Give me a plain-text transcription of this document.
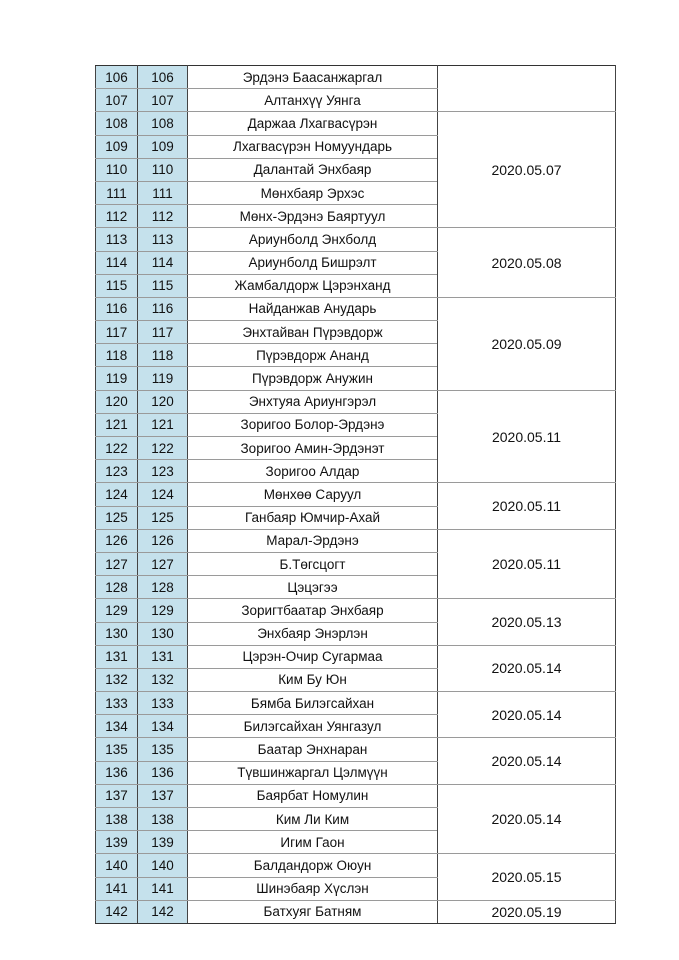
106	106	Эрдэнэ Баасанжаргал	
107	107	Алтанхүү Уянга	
108	108	Даржаа Лхагвасүрэн	2020.05.07
109	109	Лхагвасүрэн Номуундарь	
110	110	Далантай Энхбаяр	
111	111	Мөнхбаяр Эрхэс	
112	112	Мөнх-Эрдэнэ Баяртуул	
113	113	Ариунболд Энхболд	2020.05.08
114	114	Ариунболд Бишрэлт	
115	115	Жамбалдорж Цэрэнханд	
116	116	Найданжав Анударь	2020.05.09
117	117	Энхтайван Пүрэвдорж	
118	118	Пүрэвдорж Ананд	
119	119	Пүрэвдорж Анужин	
120	120	Энхтуяа Ариунгэрэл	2020.05.11
121	121	Зоригоо Болор-Эрдэнэ	
122	122	Зоригоо Амин-Эрдэнэт	
123	123	Зоригоо Алдар	
124	124	Мөнхөө Саруул	2020.05.11
125	125	Ганбаяр Юмчир-Ахай	
126	126	Марал-Эрдэнэ	2020.05.11
127	127	Б.Төгсцогт	
128	128	Цэцэгээ	
129	129	Зоригтбаатар Энхбаяр	2020.05.13
130	130	Энхбаяр Энэрлэн	
131	131	Цэрэн-Очир Сугармаа	2020.05.14
132	132	Ким Бу Юн	
133	133	Бямба Билэгсайхан	2020.05.14
134	134	Билэгсайхан Уянгазул	
135	135	Баатар Энхнаран	2020.05.14
136	136	Түвшинжаргал Цэлмүүн	
137	137	Баярбат Номулин	2020.05.14
138	138	Ким Ли Ким	
139	139	Игим Гаон	
140	140	Балдандорж Оюун	2020.05.15
141	141	Шинэбаяр Хүслэн	
142	142	Батхуяг Батням	2020.05.19
